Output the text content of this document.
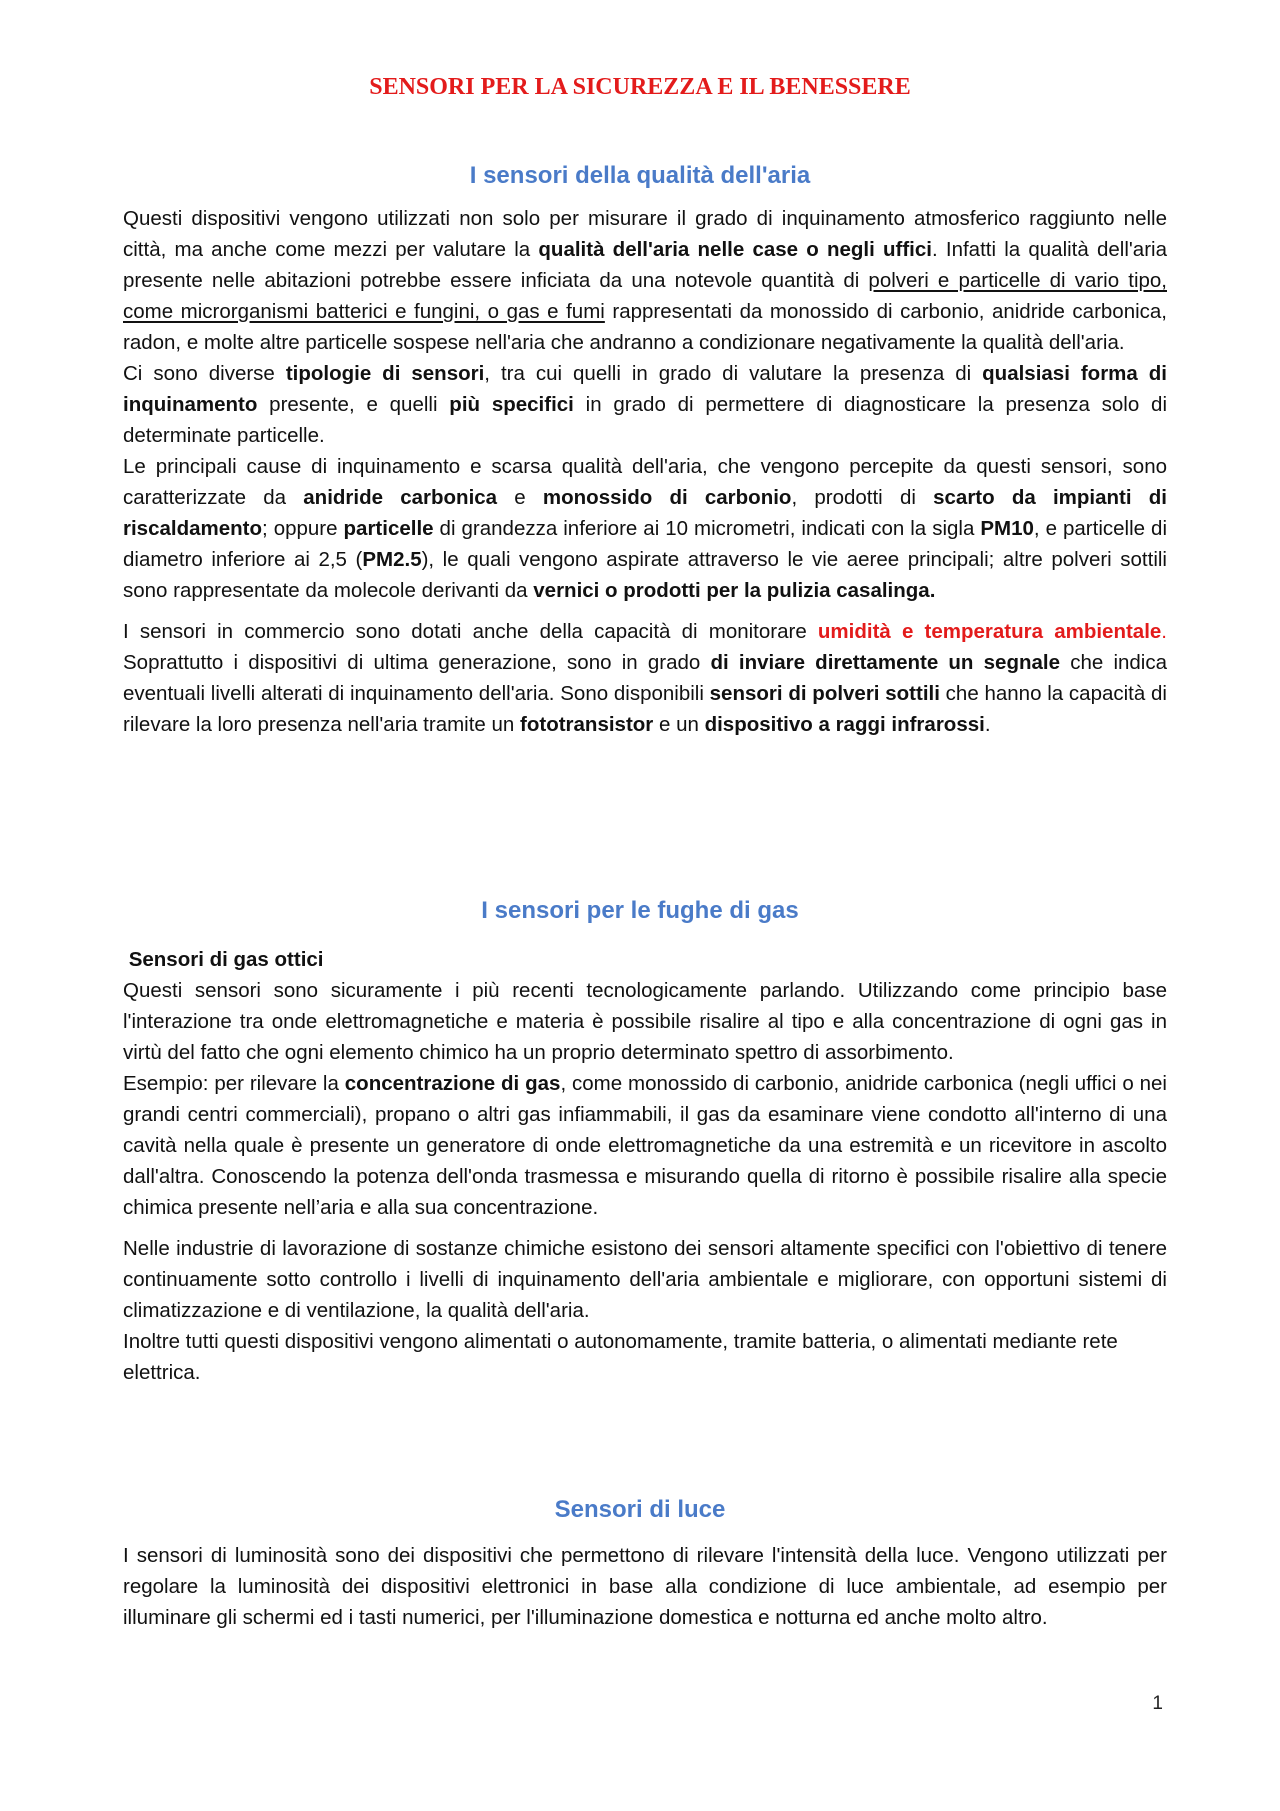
SENSORI PER LA SICUREZZA E IL BENESSERE
I sensori della qualità dell'aria

Questi dispositivi vengono utilizzati non solo per misurare il grado di inquinamento atmosferico raggiunto nelle città, ma anche come mezzi per valutare la qualità dell'aria nelle case o negli uffici. Infatti la qualità dell'aria presente nelle abitazioni potrebbe essere inficiata da una notevole quantità di polveri e particelle di vario tipo, come microrganismi batterici e fungini, o gas e fumi rappresentati da monossido di carbonio, anidride carbonica, radon, e molte altre particelle sospese nell'aria che andranno a condizionare negativamente la qualità dell'aria.

Ci sono diverse tipologie di sensori, tra cui quelli in grado di valutare la presenza di qualsiasi forma di inquinamento presente, e quelli più specifici in grado di permettere di diagnosticare la presenza solo di determinate particelle.

Le principali cause di inquinamento e scarsa qualità dell'aria, che vengono percepite da questi sensori, sono caratterizzate da anidride carbonica e monossido di carbonio, prodotti di scarto da impianti di riscaldamento; oppure particelle di grandezza inferiore ai 10 micrometri, indicati con la sigla PM10, e particelle di diametro inferiore ai 2,5 (PM2.5), le quali vengono aspirate attraverso le vie aeree principali; altre polveri sottili sono rappresentate da molecole derivanti da vernici o prodotti per la pulizia casalinga.

I sensori in commercio sono dotati anche della capacità di monitorare umidità e temperatura ambientale. Soprattutto i dispositivi di ultima generazione, sono in grado di inviare direttamente un segnale che indica eventuali livelli alterati di inquinamento dell'aria. Sono disponibili sensori di polveri sottili che hanno la capacità di rilevare la loro presenza nell'aria tramite un fototransistor e un dispositivo a raggi infrarossi.

I sensori per le fughe di gas

Sensori di gas ottici

Questi sensori sono sicuramente i più recenti tecnologicamente parlando. Utilizzando come principio base l'interazione tra onde elettromagnetiche e materia è possibile risalire al tipo e alla concentrazione di ogni gas in virtù del fatto che ogni elemento chimico ha un proprio determinato spettro di assorbimento.

Esempio: per rilevare la concentrazione di gas, come monossido di carbonio, anidride carbonica (negli uffici o nei grandi centri commerciali), propano o altri gas infiammabili, il gas da esaminare viene condotto all'interno di una cavità nella quale è presente un generatore di onde elettromagnetiche da una estremità e un ricevitore in ascolto dall'altra. Conoscendo la potenza dell'onda trasmessa e misurando quella di ritorno è possibile risalire alla specie chimica presente nell’aria e alla sua concentrazione.

Nelle industrie di lavorazione di sostanze chimiche esistono dei sensori altamente specifici con l'obiettivo di tenere continuamente sotto controllo i livelli di inquinamento dell'aria ambientale e migliorare, con opportuni sistemi di climatizzazione e di ventilazione, la qualità dell'aria.

Inoltre tutti questi dispositivi vengono alimentati o autonomamente, tramite batteria, o alimentati mediante rete elettrica.

Sensori di luce

I sensori di luminosità sono dei dispositivi che permettono di rilevare l'intensità della luce. Vengono utilizzati per regolare la luminosità dei dispositivi elettronici in base alla condizione di luce ambientale, ad esempio per illuminare gli schermi ed i tasti numerici, per l'illuminazione domestica e notturna ed anche molto altro.

1
